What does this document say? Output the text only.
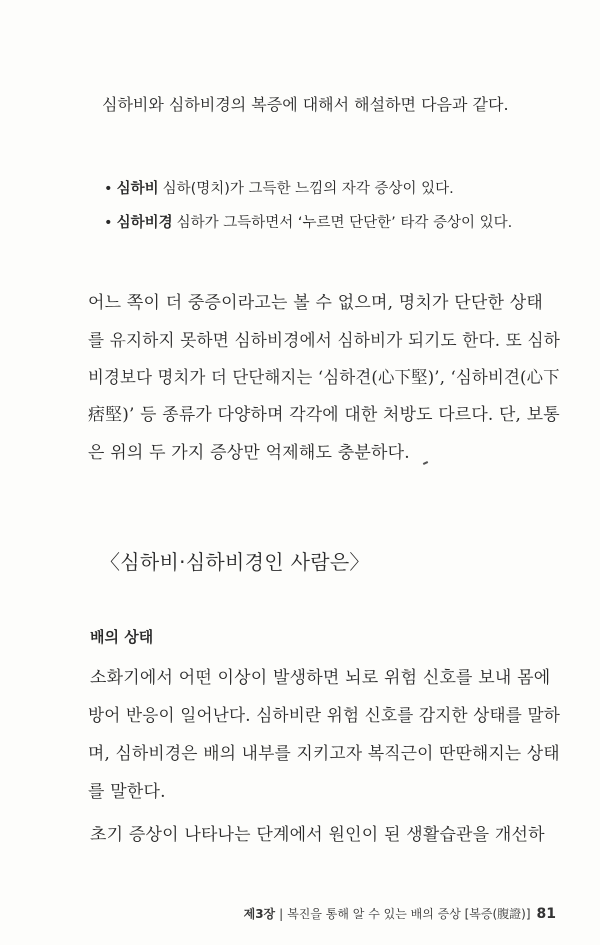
심하비와 심하비경의 복증에 대해서 해설하면 다음과 같다.
• 심하비 심하(명치)가 그득한 느낌의 자각 증상이 있다.
• 심하비경 심하가 그득하면서 ‘누르면 단단한’ 타각 증상이 있다.
어느 쪽이 더 중증이라고는 볼 수 없으며, 명치가 단단한 상태
를 유지하지 못하면 심하비경에서 심하비가 되기도 한다. 또 심하
비경보다 명치가 더 단단해지는 ‘심하견(心下堅)’, ‘심하비견(心下
痞堅)’ 등 종류가 다양하며 각각에 대한 처방도 다르다. 단, 보통
은 위의 두 가지 증상만 억제해도 충분하다.
〈심하비·심하비경인 사람은〉
배의 상태
소화기에서 어떤 이상이 발생하면 뇌로 위험 신호를 보내 몸에
방어 반응이 일어난다. 심하비란 위험 신호를 감지한 상태를 말하
며, 심하비경은 배의 내부를 지키고자 복직근이 딴딴해지는 상태
를 말한다.
초기 증상이 나타나는 단계에서 원인이 된 생활습관을 개선하
제3장 | 복진을 통해 알 수 있는 배의 증상 [복증(腹證)] 81
